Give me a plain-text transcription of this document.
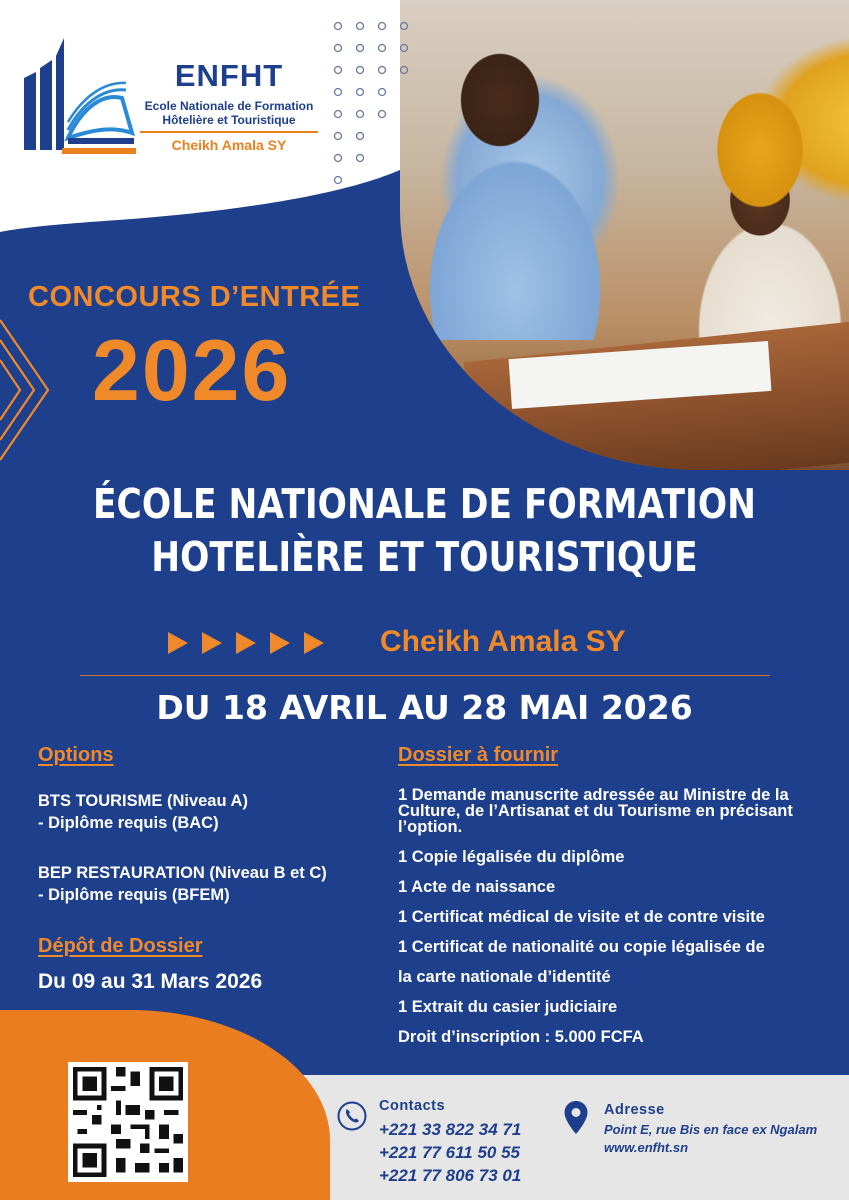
ENFHT
Ecole Nationale de Formation
Hôtelière et Touristique
Cheikh Amala SY
CONCOURS D’ENTRÉE
2026
ÉCOLE NATIONALE DE FORMATION
HOTELIÈRE ET TOURISTIQUE
Cheikh Amala SY
DU 18 AVRIL AU 28 MAI 2026
Options
BTS TOURISME (Niveau A)
- Diplôme requis (BAC)
BEP RESTAURATION (Niveau B et C)
- Diplôme requis (BFEM)
Dépôt de Dossier
Du 09 au 31 Mars 2026
Dossier à fournir
1 Demande manuscrite adressée au Ministre de la Culture, de l’Artisanat et du Tourisme en précisant l’option.
1 Copie légalisée du diplôme
1 Acte de naissance
1 Certificat médical de visite et de contre visite
1 Certificat de nationalité ou copie légalisée de
la carte nationale d’identité
1 Extrait du casier judiciaire
Droit d’inscription : 5.000 FCFA
Contacts
+221 33 822 34 71
+221 77 611 50 55
+221 77 806 73 01
Adresse
Point E, rue Bis en face ex Ngalam
www.enfht.sn
